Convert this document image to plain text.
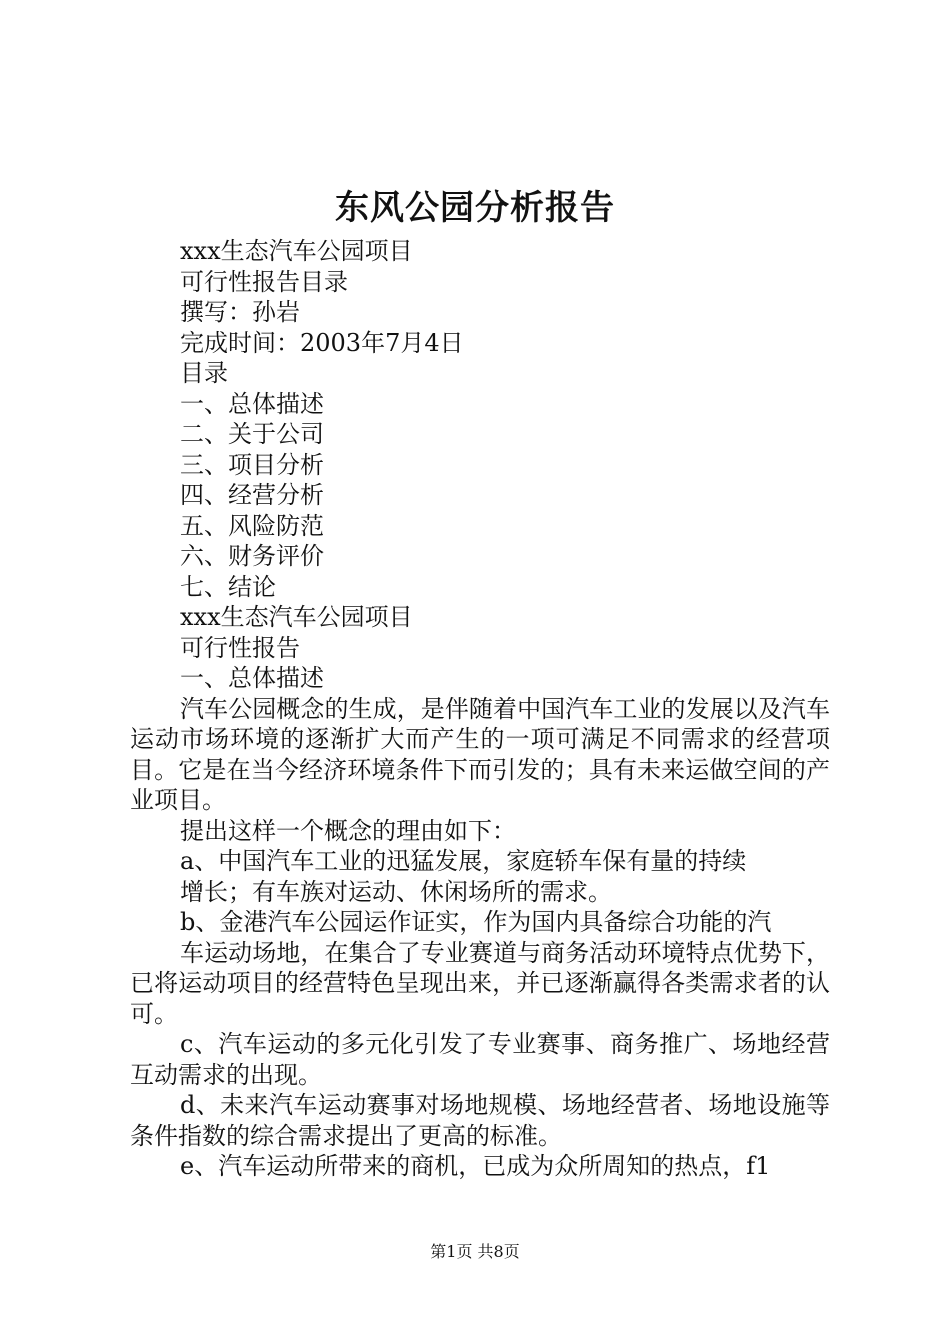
东风公园分析报告
xxx生态汽车公园项目
可行性报告目录
撰写：孙岩
完成时间：2003年7月4日
目录
一、总体描述
二、关于公司
三、项目分析
四、经营分析
五、风险防范
六、财务评价
七、结论
xxx生态汽车公园项目
可行性报告
一、总体描述
汽车公园概念的生成，是伴随着中国汽车工业的发展以及汽车运动市场环境的逐渐扩大而产生的一项可满足不同需求的经营项目。它是在当今经济环境条件下而引发的；具有未来运做空间的产业项目。
提出这样一个概念的理由如下：
a、中国汽车工业的迅猛发展，家庭轿车保有量的持续
增长；有车族对运动、休闲场所的需求。
b、金港汽车公园运作证实，作为国内具备综合功能的汽
车运动场地，在集合了专业赛道与商务活动环境特点优势下，已将运动项目的经营特色呈现出来，并已逐渐赢得各类需求者的认可。
c、汽车运动的多元化引发了专业赛事、商务推广、场地经营互动需求的出现。
d、未来汽车运动赛事对场地规模、场地经营者、场地设施等条件指数的综合需求提出了更高的标准。
e、汽车运动所带来的商机，已成为众所周知的热点，f1
第1页 共8页
